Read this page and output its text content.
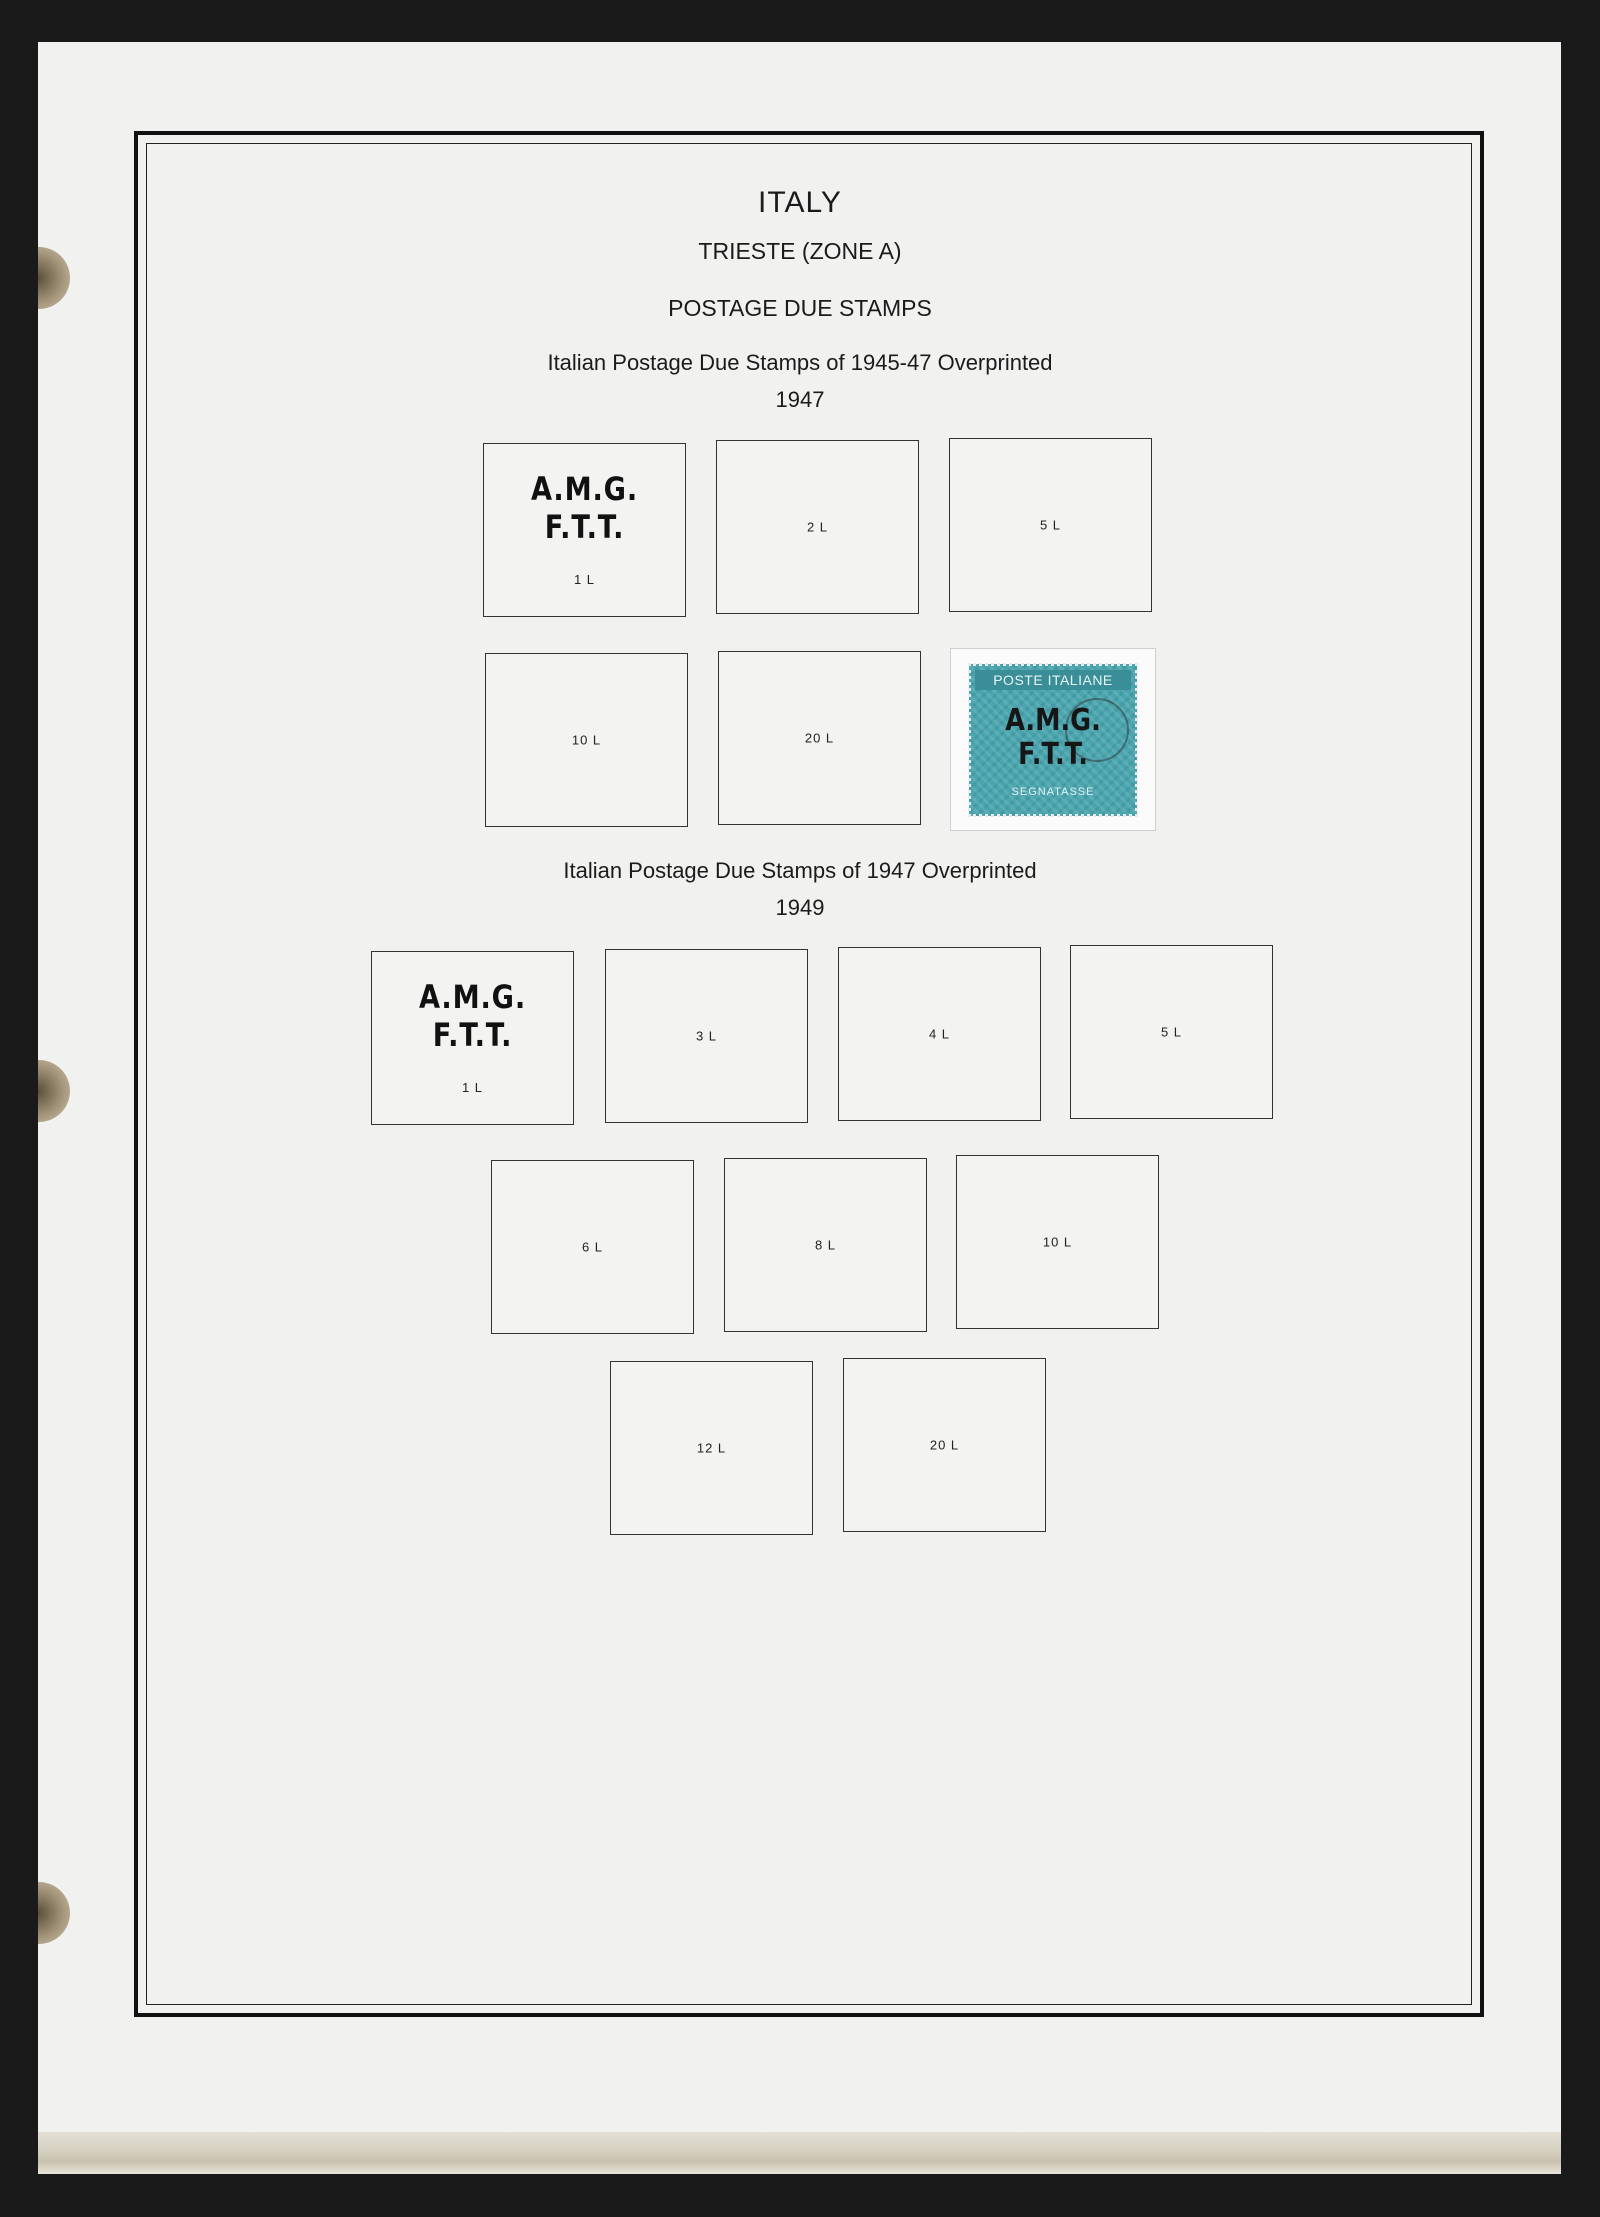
ITALY
TRIESTE (ZONE A)
POSTAGE DUE STAMPS
Italian Postage Due Stamps of 1945-47 Overprinted
1947
A.M.G.
F.T.T.
1 L
2 L	5 L
10 L	20 L
POSTE ITALIANE
A.M.G.
F.T.T.
SEGNATASSE
Italian Postage Due Stamps of 1947 Overprinted
1949
A.M.G.
F.T.T.
1 L
3 L	4 L	5 L
6 L	8 L	10 L
12 L	20 L
